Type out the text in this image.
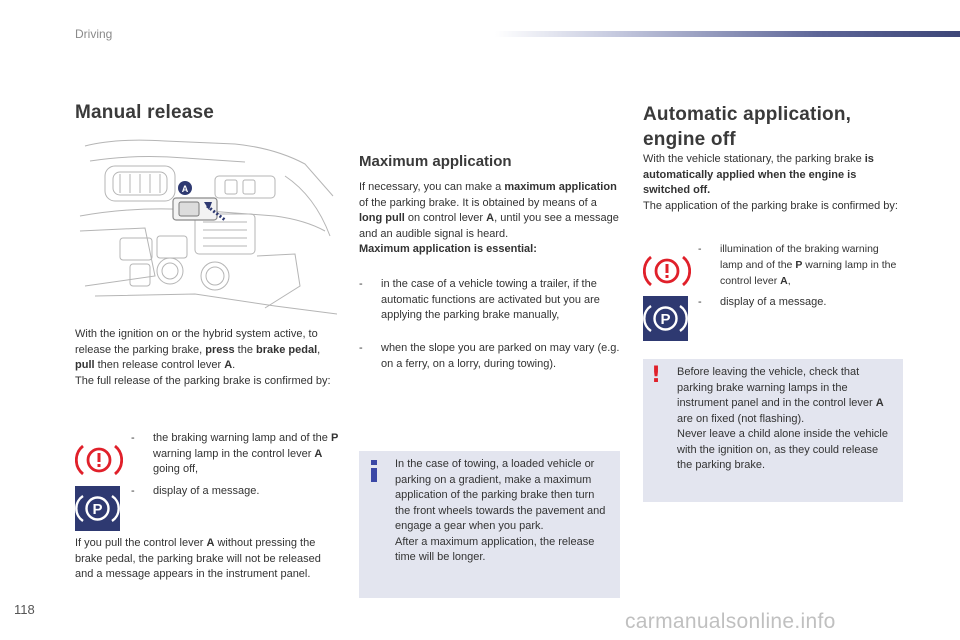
Driving
Manual release
A

With the ignition on or the hybrid system active, to release the parking brake, press the brake pedal, pull then release control lever A.

The full release of the parking brake is confirmed by:

-	the braking warning lamp and of the P warning lamp in the control lever A going off,
P
-	display of a message.
If you pull the control lever A without pressing the brake pedal, the parking brake will not be released and a message appears in the instrument panel.
Maximum application

If necessary, you can make a maximum application of the parking brake. It is obtained by means of a long pull on control lever A, until you see a message and an audible signal is heard.

Maximum application is essential:

-	in the case of a vehicle towing a trailer, if the automatic functions are activated but you are applying the parking brake manually,
-	when the slope you are parked on may vary (e.g. on a ferry, on a lorry, during towing).

In the case of towing, a loaded vehicle or parking on a gradient, make a maximum application of the parking brake then turn the front wheels towards the pavement and engage a gear when you park.

After a maximum application, the release time will be longer.

Automatic application,
engine off

With the vehicle stationary, the parking brake is automatically applied when the engine is switched off.

The application of the parking brake is confirmed by:

-	illumination of the braking warning lamp and of the P warning lamp in the control lever A,
P
-	display of a message.
! Before leaving the vehicle, check that parking brake warning lamps in the instrument panel and in the control lever A are on fixed (not flashing).
Never leave a child alone inside the vehicle with the ignition on, as they could release the parking brake.
118
carmanualsonline.info
